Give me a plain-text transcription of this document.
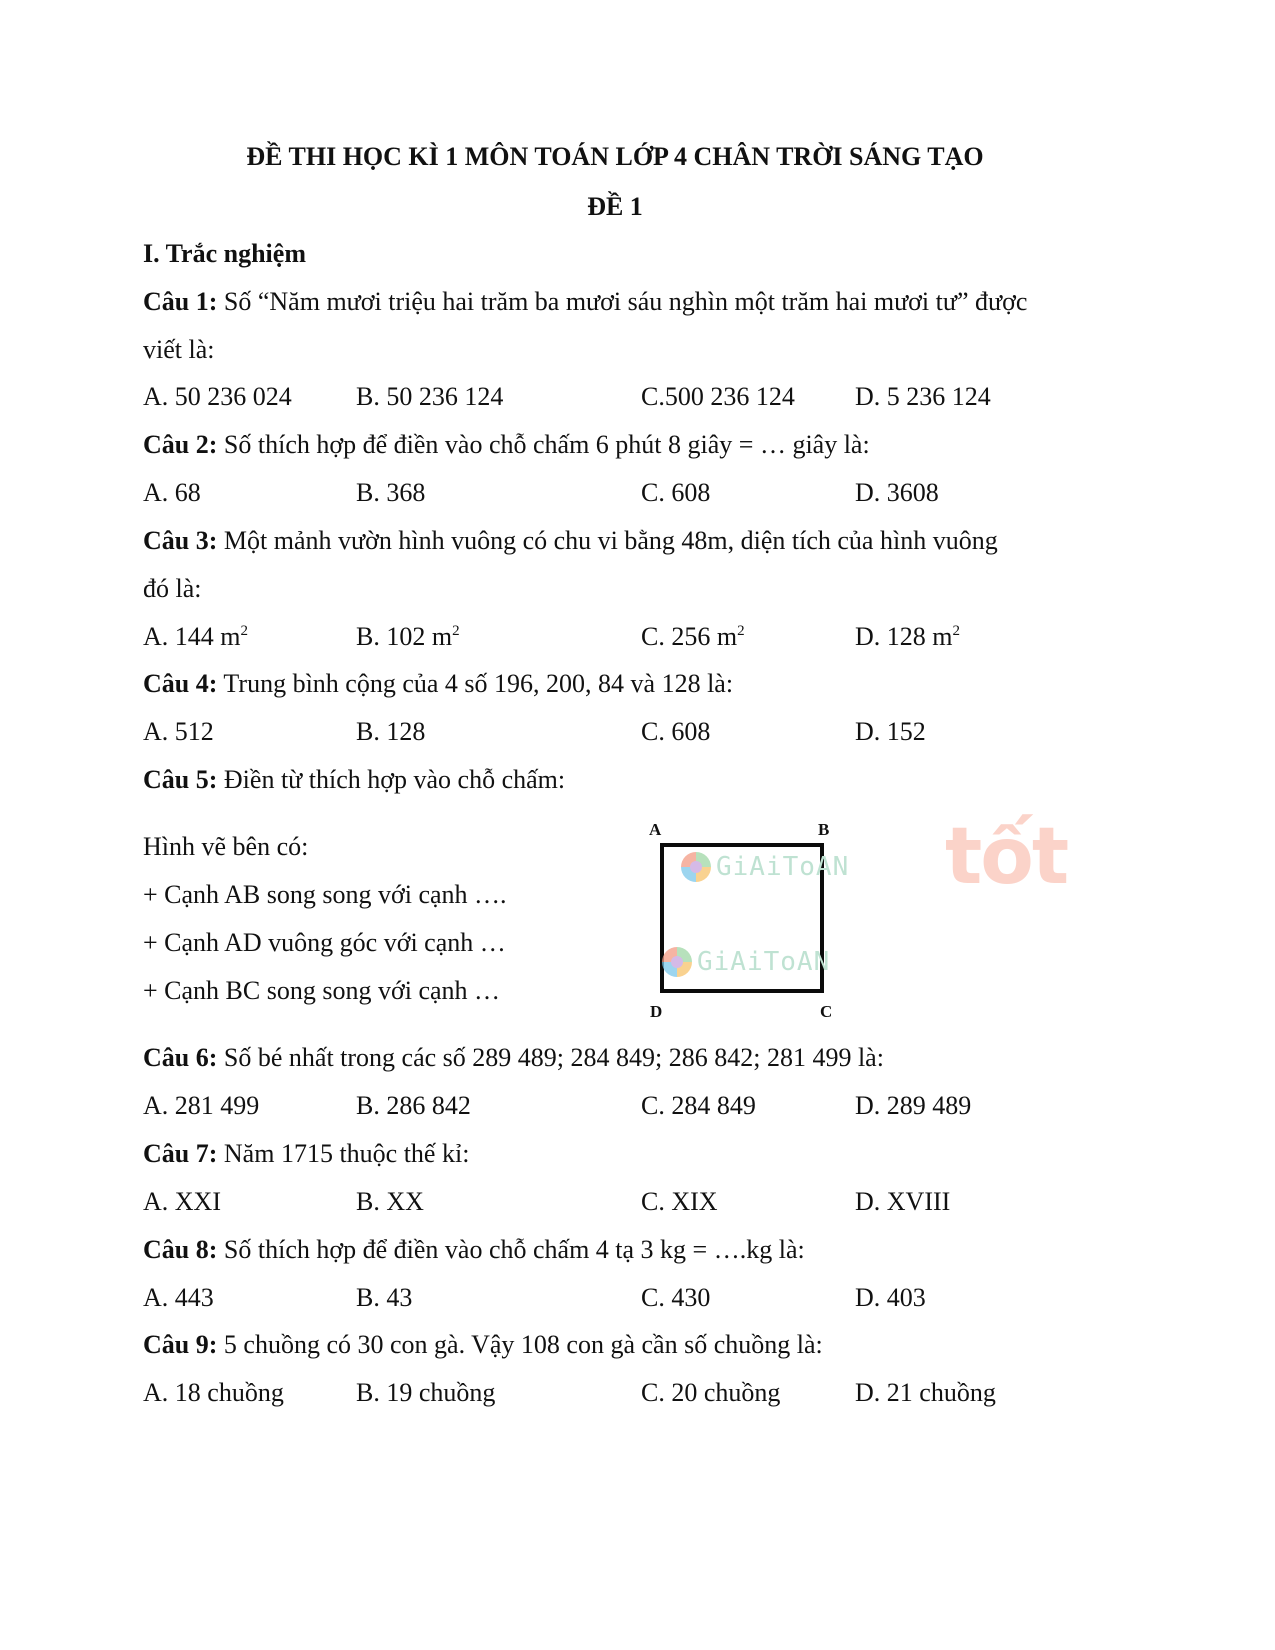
ĐỀ THI HỌC KÌ 1 MÔN TOÁN LỚP 4 CHÂN TRỜI SÁNG TẠO
ĐỀ 1
I. Trắc nghiệm
Câu 1: Số “Năm mươi triệu hai trăm ba mươi sáu nghìn một trăm hai mươi tư” được
viết là:
A. 50 236 024 B. 50 236 124	C.500 236 124 D. 5 236 124
Câu 2: Số thích hợp để điền vào chỗ chấm 6 phút 8 giây = … giây là:
A. 68	B. 368	C. 608	D. 3608
Câu 3: Một mảnh vườn hình vuông có chu vi bằng 48m, diện tích của hình vuông
đó là:
A. 144 $m^2$	B. 102 $m^2$	C. 256 $m^2$	D. 128 $m^2$
Câu 4: Trung bình cộng của 4 số 196, 200, 84 và 128 là:
A. 512	B. 128	C. 608	D. 152
Câu 5: Điền từ thích hợp vào chỗ chấm:
Hình vẽ bên có:
+ Cạnh AB song song với cạnh ….
+ Cạnh AD vuông góc với cạnh …
+ Cạnh BC song song với cạnh …
A	B
C
D
GiAiToAN
GiAiToAN
tốt
Câu 6: Số bé nhất trong các số 289 489; 284 849; 286 842; 281 499 là:
A. 281 499	B. 286 842	C. 284 849	D. 289 489
Câu 7: Năm 1715 thuộc thế kỉ:
A. XXI	B. XX	C. XIX	D. XVIII
Câu 8: Số thích hợp để điền vào chỗ chấm 4 tạ 3 kg = ….kg là:
A. 443	B. 43	C. 430	D. 403
Câu 9: 5 chuồng có 30 con gà. Vậy 108 con gà cần số chuồng là:
A. 18 chuồng	B. 19 chuồng	C. 20 chuồng	D. 21 chuồng
